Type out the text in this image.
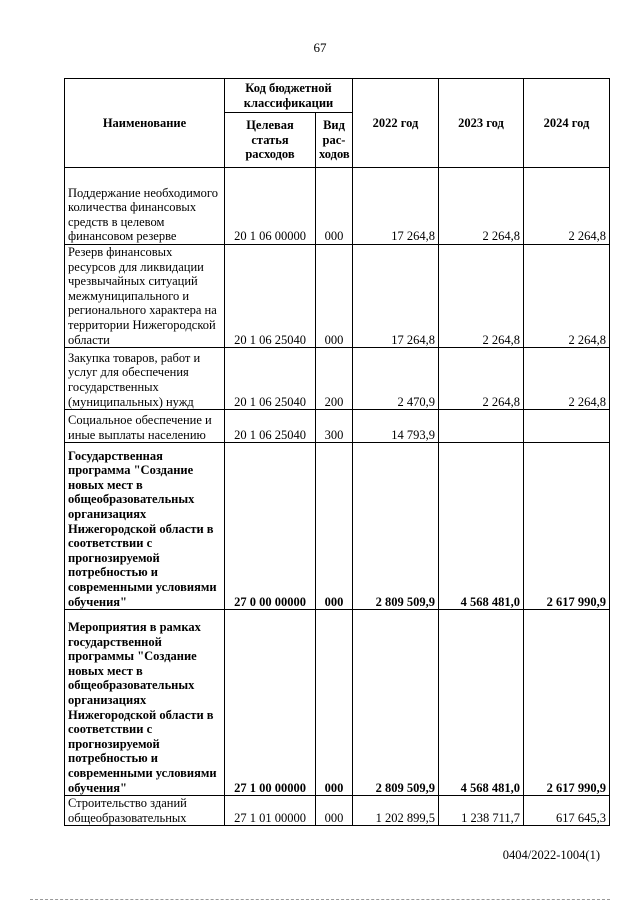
67
Наименование	Код бюджетной классификации		2022 год	2023 год	2024 год
	Целевая статья расходов	Вид рас-ходов			
Поддержание необходимого количества финансовых средств в целевом финансовом резерве	20 1 06 00000	000	17 264,8	2 264,8	2 264,8
Резерв финансовых ресурсов для ликвидации чрезвычайных ситуаций межмуниципального и регионального характера на территории Нижегородской области	20 1 06 25040	000	17 264,8	2 264,8	2 264,8
Закупка товаров, работ и услуг для обеспечения государственных (муниципальных) нужд	20 1 06 25040	200	2 470,9	2 264,8	2 264,8
Социальное обеспечение и иные выплаты населению	20 1 06 25040	300	14 793,9		
Государственная программа "Создание новых мест в общеобразовательных организациях Нижегородской области в соответствии с прогнозируемой потребностью и современными условиями обучения"	27 0 00 00000	000	2 809 509,9	4 568 481,0	2 617 990,9
Мероприятия в рамках государственной программы "Создание новых мест в общеобразовательных организациях Нижегородской области в соответствии с прогнозируемой потребностью и современными условиями обучения"	27 1 00 00000	000	2 809 509,9	4 568 481,0	2 617 990,9
Строительство зданий общеобразовательных	27 1 01 00000	000	1 202 899,5	1 238 711,7	617 645,3
0404/2022-1004(1)
